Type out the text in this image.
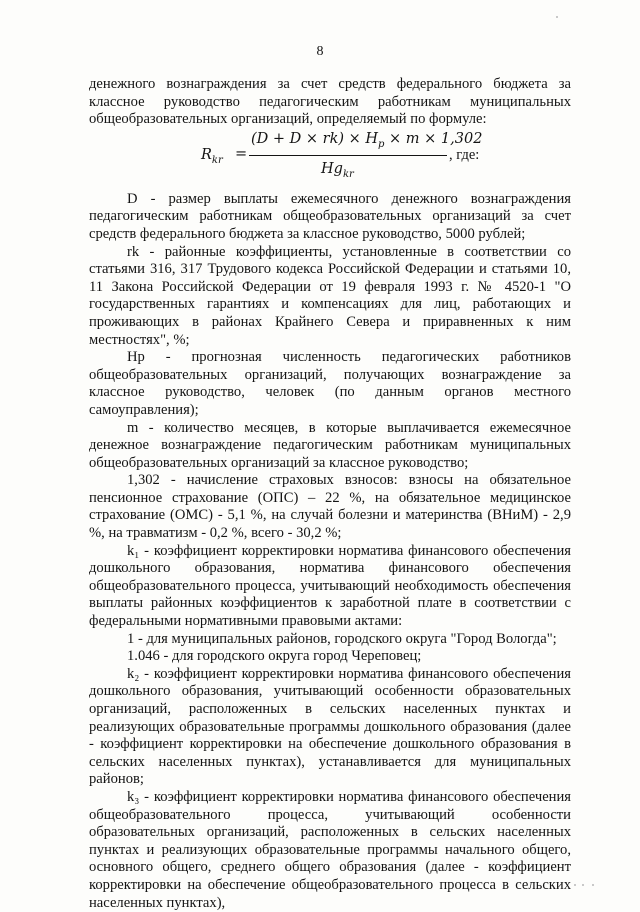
8

денежного вознаграждения за счет средств федерального бюджета за классное руководство педагогическим работникам муниципальных общеобразовательных организаций, определяемый по формуле:

$R_{kr}$ =
$(D + D \times rk) \times H_p \times m \times 1,302$
$Hg_{kr}$
, где:

D - размер выплаты ежемесячного денежного вознаграждения педагогическим работникам общеобразовательных организаций за счет средств федерального бюджета за классное руководство, 5000 рублей;

rk - районные коэффициенты, установленные в соответствии со статьями 316, 317 Трудового кодекса Российской Федерации и статьями 10, 11 Закона Российской Федерации от 19 февраля 1993 г. № 4520-1 "О государственных гарантиях и компенсациях для лиц, работающих и проживающих в районах Крайнего Севера и приравненных к ним местностях", %;

Нр - прогнозная численность педагогических работников общеобразовательных организаций, получающих вознаграждение за классное руководство, человек (по данным органов местного самоуправления);

m - количество месяцев, в которые выплачивается ежемесячное денежное вознаграждение педагогическим работникам муниципальных общеобразовательных организаций за классное руководство;

1,302 - начисление страховых взносов: взносы на обязательное пенсионное страхование (ОПС) – 22 %, на обязательное медицинское страхование (ОМС) - 5,1 %, на случай болезни и материнства (ВНиМ) - 2,9 %, на травматизм - 0,2 %, всего - 30,2 %;

k₁ - коэффициент корректировки норматива финансового обеспечения дошкольного образования, норматива финансового обеспечения общеобразовательного процесса, учитывающий необходимость обеспечения выплаты районных коэффициентов к заработной плате в соответствии с федеральными нормативными правовыми актами:

1 - для муниципальных районов, городского округа "Город Вологда";

1.046 - для городского округа город Череповец;

k₂ - коэффициент корректировки норматива финансового обеспечения дошкольного образования, учитывающий особенности образовательных организаций, расположенных в сельских населенных пунктах и реализующих образовательные программы дошкольного образования (далее - коэффициент корректировки на обеспечение дошкольного образования в сельских населенных пунктах), устанавливается для муниципальных районов;

k₃ - коэффициент корректировки норматива финансового обеспечения общеобразовательного процесса, учитывающий особенности образовательных организаций, расположенных в сельских населенных пунктах и реализующих образовательные программы начального общего, основного общего, среднего общего образования (далее - коэффициент корректировки на обеспечение общеобразовательного процесса в сельских населенных пунктах),
